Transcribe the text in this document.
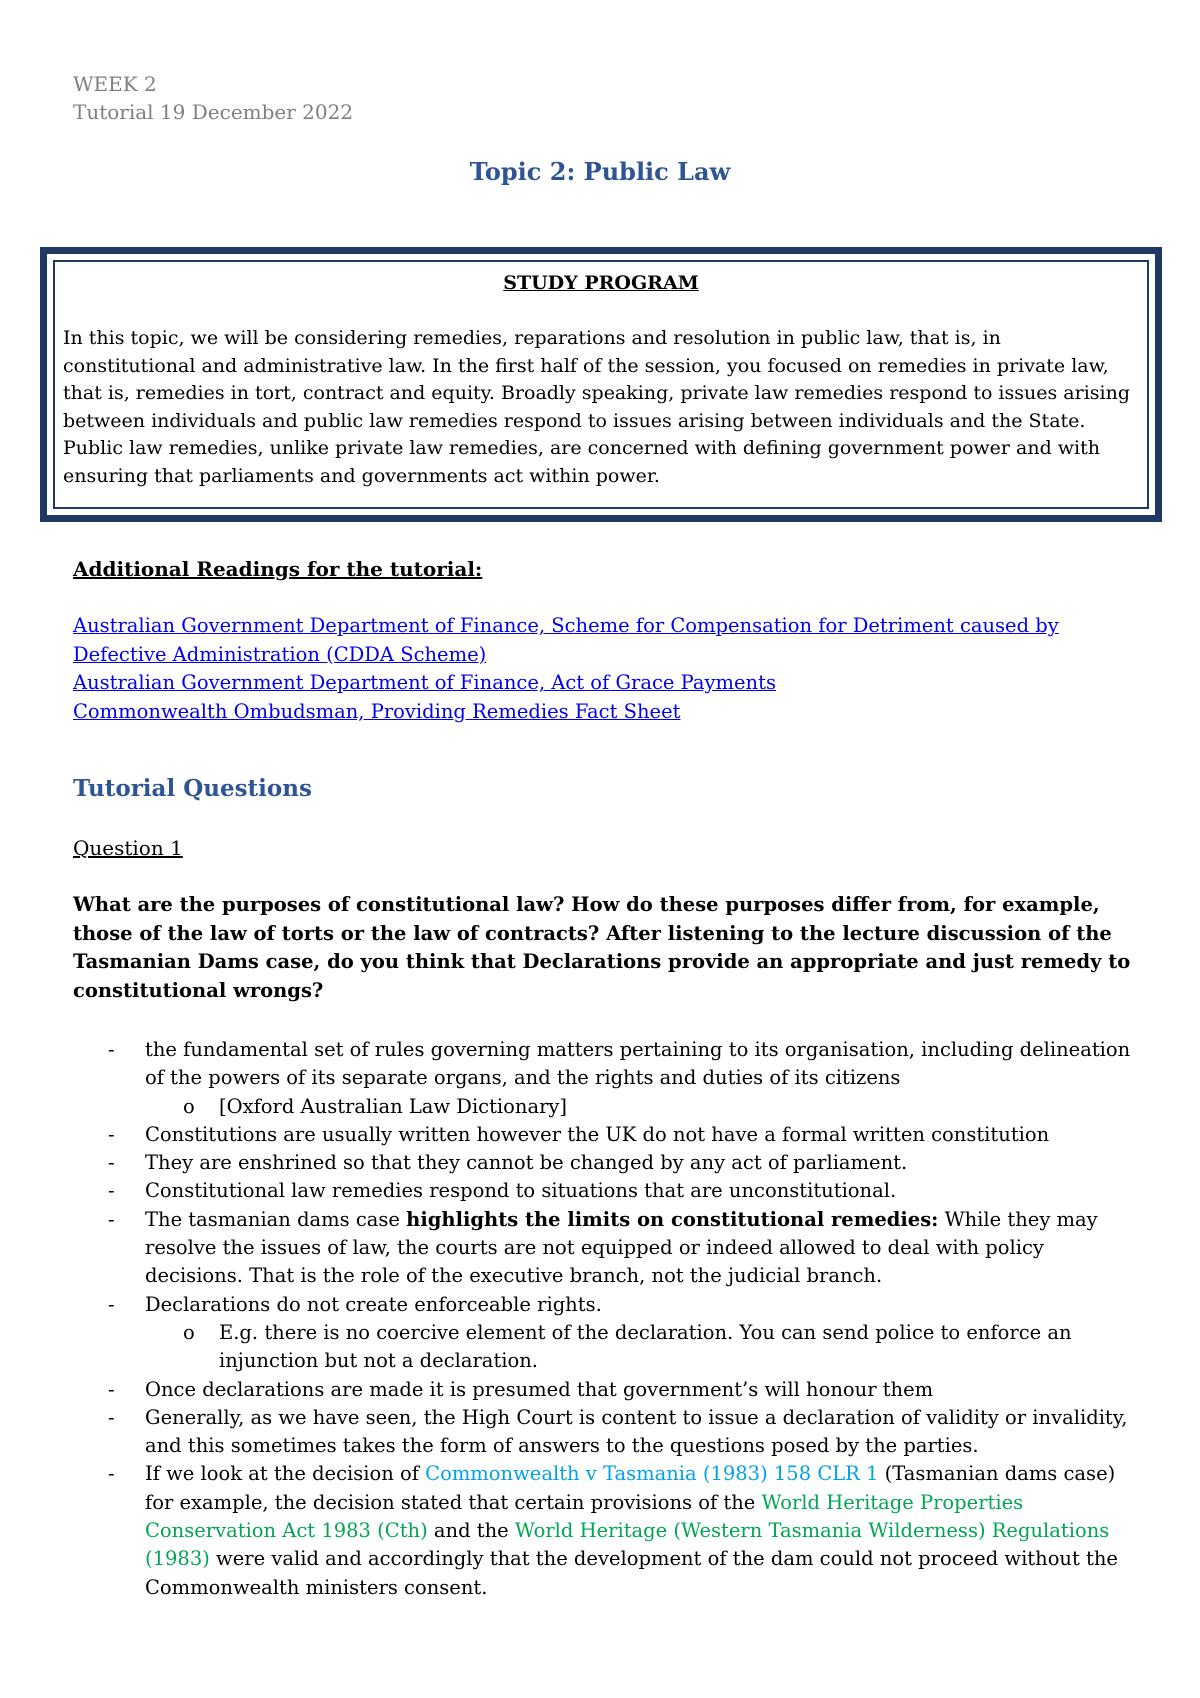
WEEK 2
Tutorial 19 December 2022
Topic 2: Public Law
STUDY PROGRAM
In this topic, we will be considering remedies, reparations and resolution in public law, that is, in constitutional and administrative law. In the first half of the session, you focused on remedies in private law, that is, remedies in tort, contract and equity. Broadly speaking, private law remedies respond to issues arising between individuals and public law remedies respond to issues arising between individuals and the State. Public law remedies, unlike private law remedies, are concerned with defining government power and with ensuring that parliaments and governments act within power.
Additional Readings for the tutorial:
Australian Government Department of Finance, Scheme for Compensation for Detriment caused by Defective Administration (CDDA Scheme)
Australian Government Department of Finance, Act of Grace Payments
Commonwealth Ombudsman, Providing Remedies Fact Sheet
Tutorial Questions
Question 1
What are the purposes of constitutional law? How do these purposes differ from, for example, those of the law of torts or the law of contracts? After listening to the lecture discussion of the Tasmanian Dams case, do you think that Declarations provide an appropriate and just remedy to constitutional wrongs?
- the fundamental set of rules governing matters pertaining to its organisation, including delineation of the powers of its separate organs, and the rights and duties of its citizens
o [Oxford Australian Law Dictionary]
- Constitutions are usually written however the UK do not have a formal written constitution
- They are enshrined so that they cannot be changed by any act of parliament.
- Constitutional law remedies respond to situations that are unconstitutional.
- The tasmanian dams case highlights the limits on constitutional remedies: While they may resolve the issues of law, the courts are not equipped or indeed allowed to deal with policy decisions. That is the role of the executive branch, not the judicial branch.
- Declarations do not create enforceable rights.
o E.g. there is no coercive element of the declaration. You can send police to enforce an injunction but not a declaration.
- Once declarations are made it is presumed that government’s will honour them
- Generally, as we have seen, the High Court is content to issue a declaration of validity or invalidity, and this sometimes takes the form of answers to the questions posed by the parties.
- If we look at the decision of Commonwealth v Tasmania (1983) 158 CLR 1 (Tasmanian dams case) for example, the decision stated that certain provisions of the World Heritage Properties Conservation Act 1983 (Cth) and the World Heritage (Western Tasmania Wilderness) Regulations (1983) were valid and accordingly that the development of the dam could not proceed without the Commonwealth ministers consent.
